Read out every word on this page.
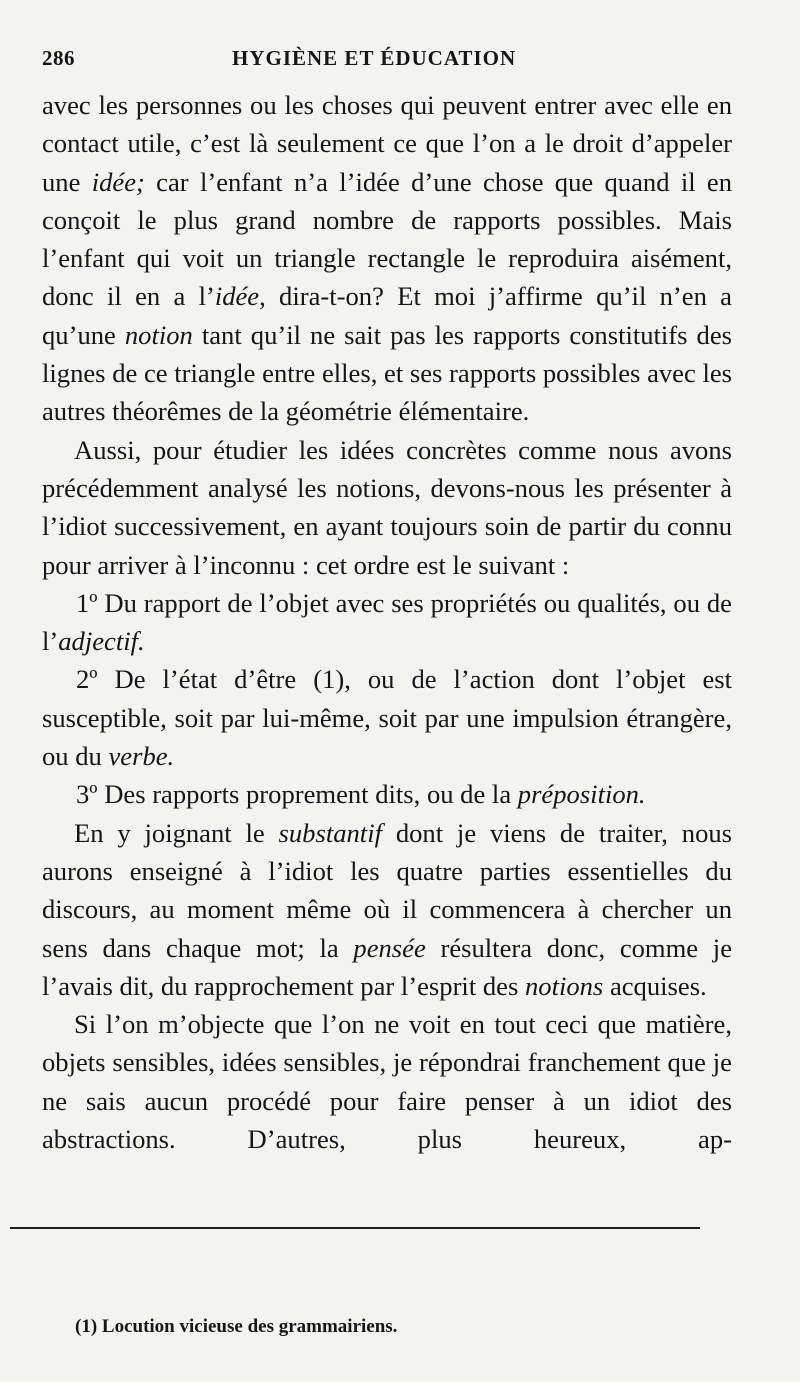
286	HYGIÈNE ET ÉDUCATION

avec les personnes ou les choses qui peuvent entrer avec elle en contact utile, c’est là seulement ce que l’on a le droit d’appeler une idée; car l’enfant n’a l’idée d’une chose que quand il en conçoit le plus grand nombre de rapports possibles. Mais l’enfant qui voit un triangle rectangle le reproduira aisément, donc il en a l’idée, dira-t-on? Et moi j’affirme qu’il n’en a qu’une notion tant qu’il ne sait pas les rapports constitutifs des lignes de ce triangle entre elles, et ses rapports possibles avec les autres théorêmes de la géométrie élémentaire.

Aussi, pour étudier les idées concrètes comme nous avons précédemment analysé les notions, devons-nous les présenter à l’idiot successivement, en ayant toujours soin de partir du connu pour arriver à l’inconnu : cet ordre est le suivant :

1º Du rapport de l’objet avec ses propriétés ou qualités, ou de l’adjectif.

2º De l’état d’être (1), ou de l’action dont l’objet est susceptible, soit par lui-même, soit par une impulsion étrangère, ou du verbe.

3º Des rapports proprement dits, ou de la préposition.

En y joignant le substantif dont je viens de traiter, nous aurons enseigné à l’idiot les quatre parties essentielles du discours, au moment même où il commencera à chercher un sens dans chaque mot; la pensée résultera donc, comme je l’avais dit, du rapprochement par l’esprit des notions acquises.

Si l’on m’objecte que l’on ne voit en tout ceci que matière, objets sensibles, idées sensibles, je répondrai franchement que je ne sais aucun procédé pour faire penser à un idiot des abstractions. D’autres, plus heureux, ap-

(1) Locution vicieuse des grammairiens.
